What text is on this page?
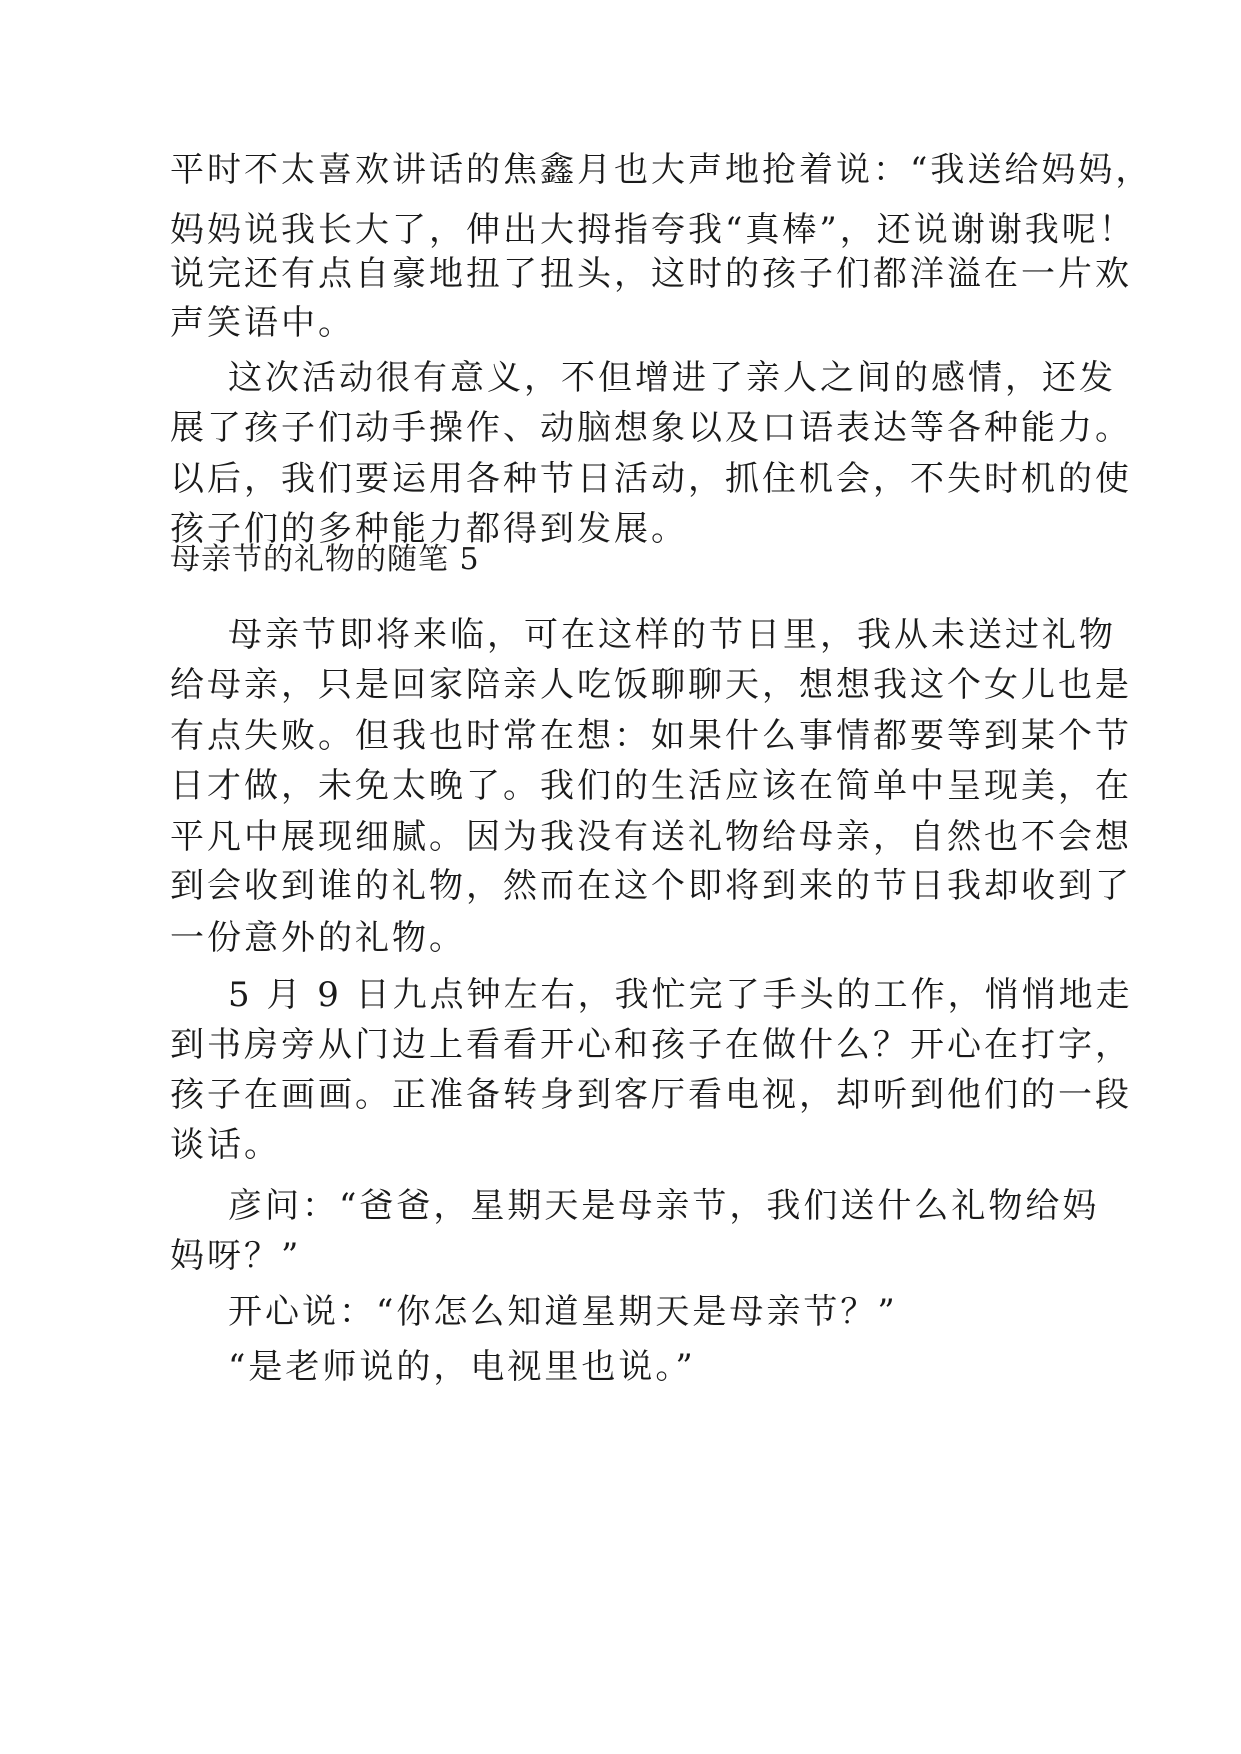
平时不太喜欢讲话的焦鑫月也大声地抢着说：“我送给妈妈，
妈妈说我长大了，伸出大拇指夸我“真棒”，还说谢谢我呢！
说完还有点自豪地扭了扭头，这时的孩子们都洋溢在一片欢
声笑语中。
这次活动很有意义，不但增进了亲人之间的感情，还发
展了孩子们动手操作、动脑想象以及口语表达等各种能力。
以后，我们要运用各种节日活动，抓住机会，不失时机的使
孩子们的多种能力都得到发展。
母亲节的礼物的随笔 5
母亲节即将来临，可在这样的节日里，我从未送过礼物
给母亲，只是回家陪亲人吃饭聊聊天，想想我这个女儿也是
有点失败。但我也时常在想：如果什么事情都要等到某个节
日才做，未免太晚了。我们的生活应该在简单中呈现美，在
平凡中展现细腻。因为我没有送礼物给母亲，自然也不会想
到会收到谁的礼物，然而在这个即将到来的节日我却收到了
一份意外的礼物。
5 月 9 日九点钟左右，我忙完了手头的工作，悄悄地走
到书房旁从门边上看看开心和孩子在做什么？开心在打字，
孩子在画画。正准备转身到客厅看电视，却听到他们的一段
谈话。
彦问：“爸爸，星期天是母亲节，我们送什么礼物给妈
妈呀？”
开心说：“你怎么知道星期天是母亲节？”
“是老师说的，电视里也说。”
